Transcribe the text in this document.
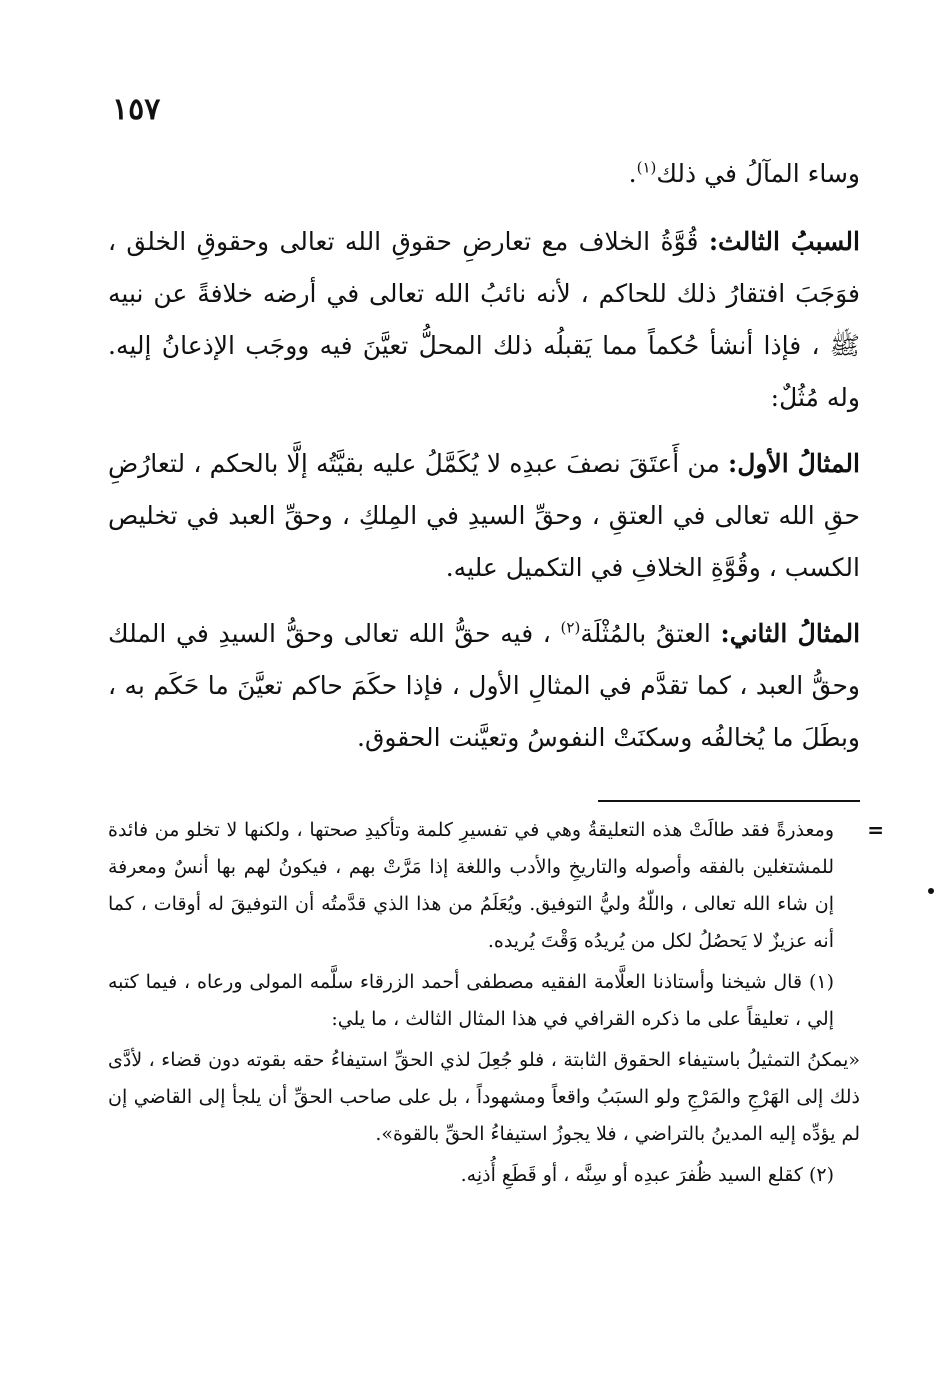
١٥٧

وساء المآلُ في ذلك$^{(١)}$.

السببُ الثالث: قُوَّةُ الخلاف مع تعارضِ حقوقِ الله تعالى وحقوقِ الخلق ، فوَجَبَ افتقارُ ذلك للحاكم ، لأنه نائبُ الله تعالى في أرضه خلافةً عن نبيه ﷺ ، فإذا أنشأ حُكماً مما يَقبلُه ذلك المحلُّ تعيَّنَ فيه ووجَب الإذعانُ إليه. وله مُثُلٌ:

المثالُ الأول: من أَعتَقَ نصفَ عبدِه لا يُكَمَّلُ عليه بقيَّتُه إلَّا بالحكم ، لتعارُضِ حقِ الله تعالى في العتقِ ، وحقِّ السيدِ في المِلكِ ، وحقِّ العبد في تخليص الكسب ، وقُوَّةِ الخلافِ في التكميل عليه.

المثالُ الثاني: العتقُ بالمُثْلَة$^{(٢)}$ ، فيه حقُّ الله تعالى وحقُّ السيدِ في الملك وحقُّ العبد ، كما تقدَّم في المثالِ الأول ، فإذا حكَمَ حاكم تعيَّنَ ما حَكَم به ، وبطَلَ ما يُخالفُه وسكنَتْ النفوسُ وتعيَّنت الحقوق.

=

ومعذرةً فقد طالَتْ هذه التعليقةُ وهي في تفسيرِ كلمة وتأكيدِ صحتها ، ولكنها لا تخلو من فائدة للمشتغلين بالفقه وأصوله والتاريخِ والأدب واللغة إذا مَرَّتْ بهم ، فيكونُ لهم بها أنسٌ ومعرفة إن شاء الله تعالى ، واللّهُ وليُّ التوفيق. ويُعَلَمُ من هذا الذي قدَّمتُه أن التوفيقَ له أوقات ، كما أنه عزيزٌ لا يَحصُلُ لكل من يُريدُه وَقْتَ يُريده.

(١) قال شيخنا وأستاذنا العلَّامة الفقيه مصطفى أحمد الزرقاء سلَّمه المولى ورعاه ، فيما كتبه إلي ، تعليقاً على ما ذكره القرافي في هذا المثال الثالث ، ما يلي:

«يمكنُ التمثيلُ باستيفاء الحقوق الثابتة ، فلو جُعِلَ لذي الحقِّ استيفاءُ حقه بقوته دون قضاء ، لأدَّى ذلك إلى الهَرْجِ والمَرْجِ ولو السبَبُ واقعاً ومشهوداً ، بل على صاحب الحقِّ أن يلجأ إلى القاضي إن لم يؤدِّه إليه المدينُ بالتراضي ، فلا يجوزُ استيفاءُ الحقِّ بالقوة».

(٢) كقلع السيد ظُفرَ عبدِه أو سِنَّه ، أو قَطَعِ أُذنِه.
